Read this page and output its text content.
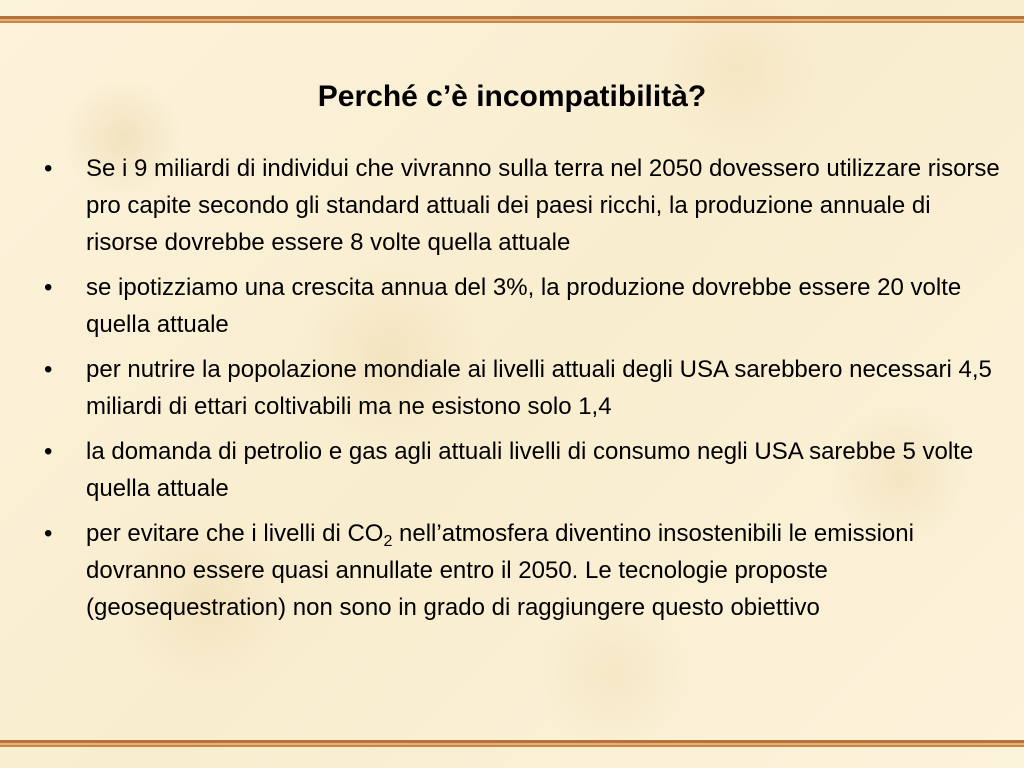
Perché c’è incompatibilità?
• Se i 9 miliardi di individui che vivranno sulla terra nel 2050 dovessero utilizzare risorse pro capite secondo gli standard attuali dei paesi ricchi, la produzione annuale di risorse dovrebbe essere 8 volte quella attuale
• se ipotizziamo una crescita annua del 3%, la produzione dovrebbe essere 20 volte quella attuale
• per nutrire la popolazione mondiale ai livelli attuali degli USA sarebbero necessari 4,5 miliardi di ettari coltivabili ma ne esistono solo 1,4
• la domanda di petrolio e gas agli attuali livelli di consumo negli USA sarebbe 5 volte quella attuale
• per evitare che i livelli di $CO_2$ nell’atmosfera diventino insostenibili le emissioni dovranno essere quasi annullate entro il 2050. Le tecnologie proposte (geosequestration) non sono in grado di raggiungere questo obiettivo
